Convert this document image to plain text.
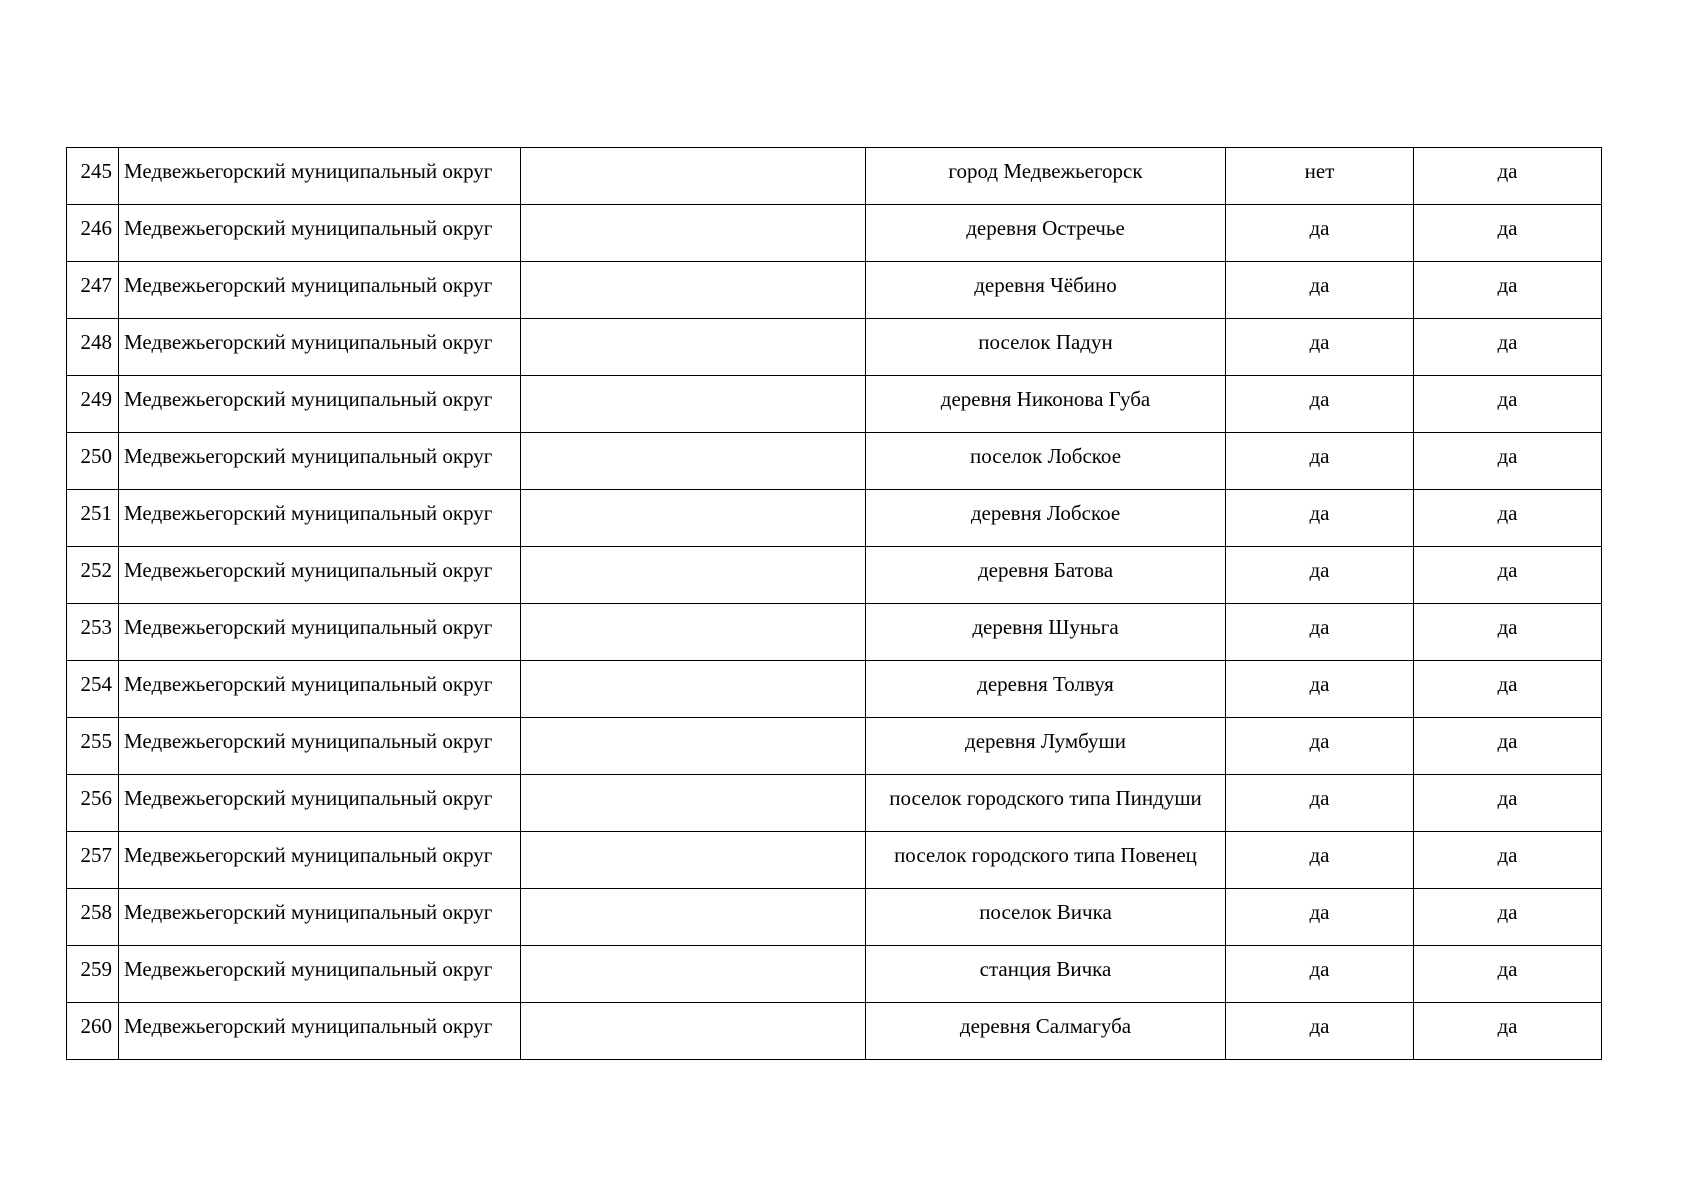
245	Медвежьегорский муниципальный округ		город Медвежьегорск	нет	да
246	Медвежьегорский муниципальный округ		деревня Остречье	да	да
247	Медвежьегорский муниципальный округ		деревня Чёбино	да	да
248	Медвежьегорский муниципальный округ		поселок Падун	да	да
249	Медвежьегорский муниципальный округ		деревня Никонова Губа	да	да
250	Медвежьегорский муниципальный округ		поселок Лобское	да	да
251	Медвежьегорский муниципальный округ		деревня Лобское	да	да
252	Медвежьегорский муниципальный округ		деревня Батова	да	да
253	Медвежьегорский муниципальный округ		деревня Шуньга	да	да
254	Медвежьегорский муниципальный округ		деревня Толвуя	да	да
255	Медвежьегорский муниципальный округ		деревня Лумбуши	да	да
256	Медвежьегорский муниципальный округ		поселок городского типа Пиндуши	да	да
257	Медвежьегорский муниципальный округ		поселок городского типа Повенец	да	да
258	Медвежьегорский муниципальный округ		поселок Вичка	да	да
259	Медвежьегорский муниципальный округ		станция Вичка	да	да
260	Медвежьегорский муниципальный округ		деревня Салмагуба	да	да
